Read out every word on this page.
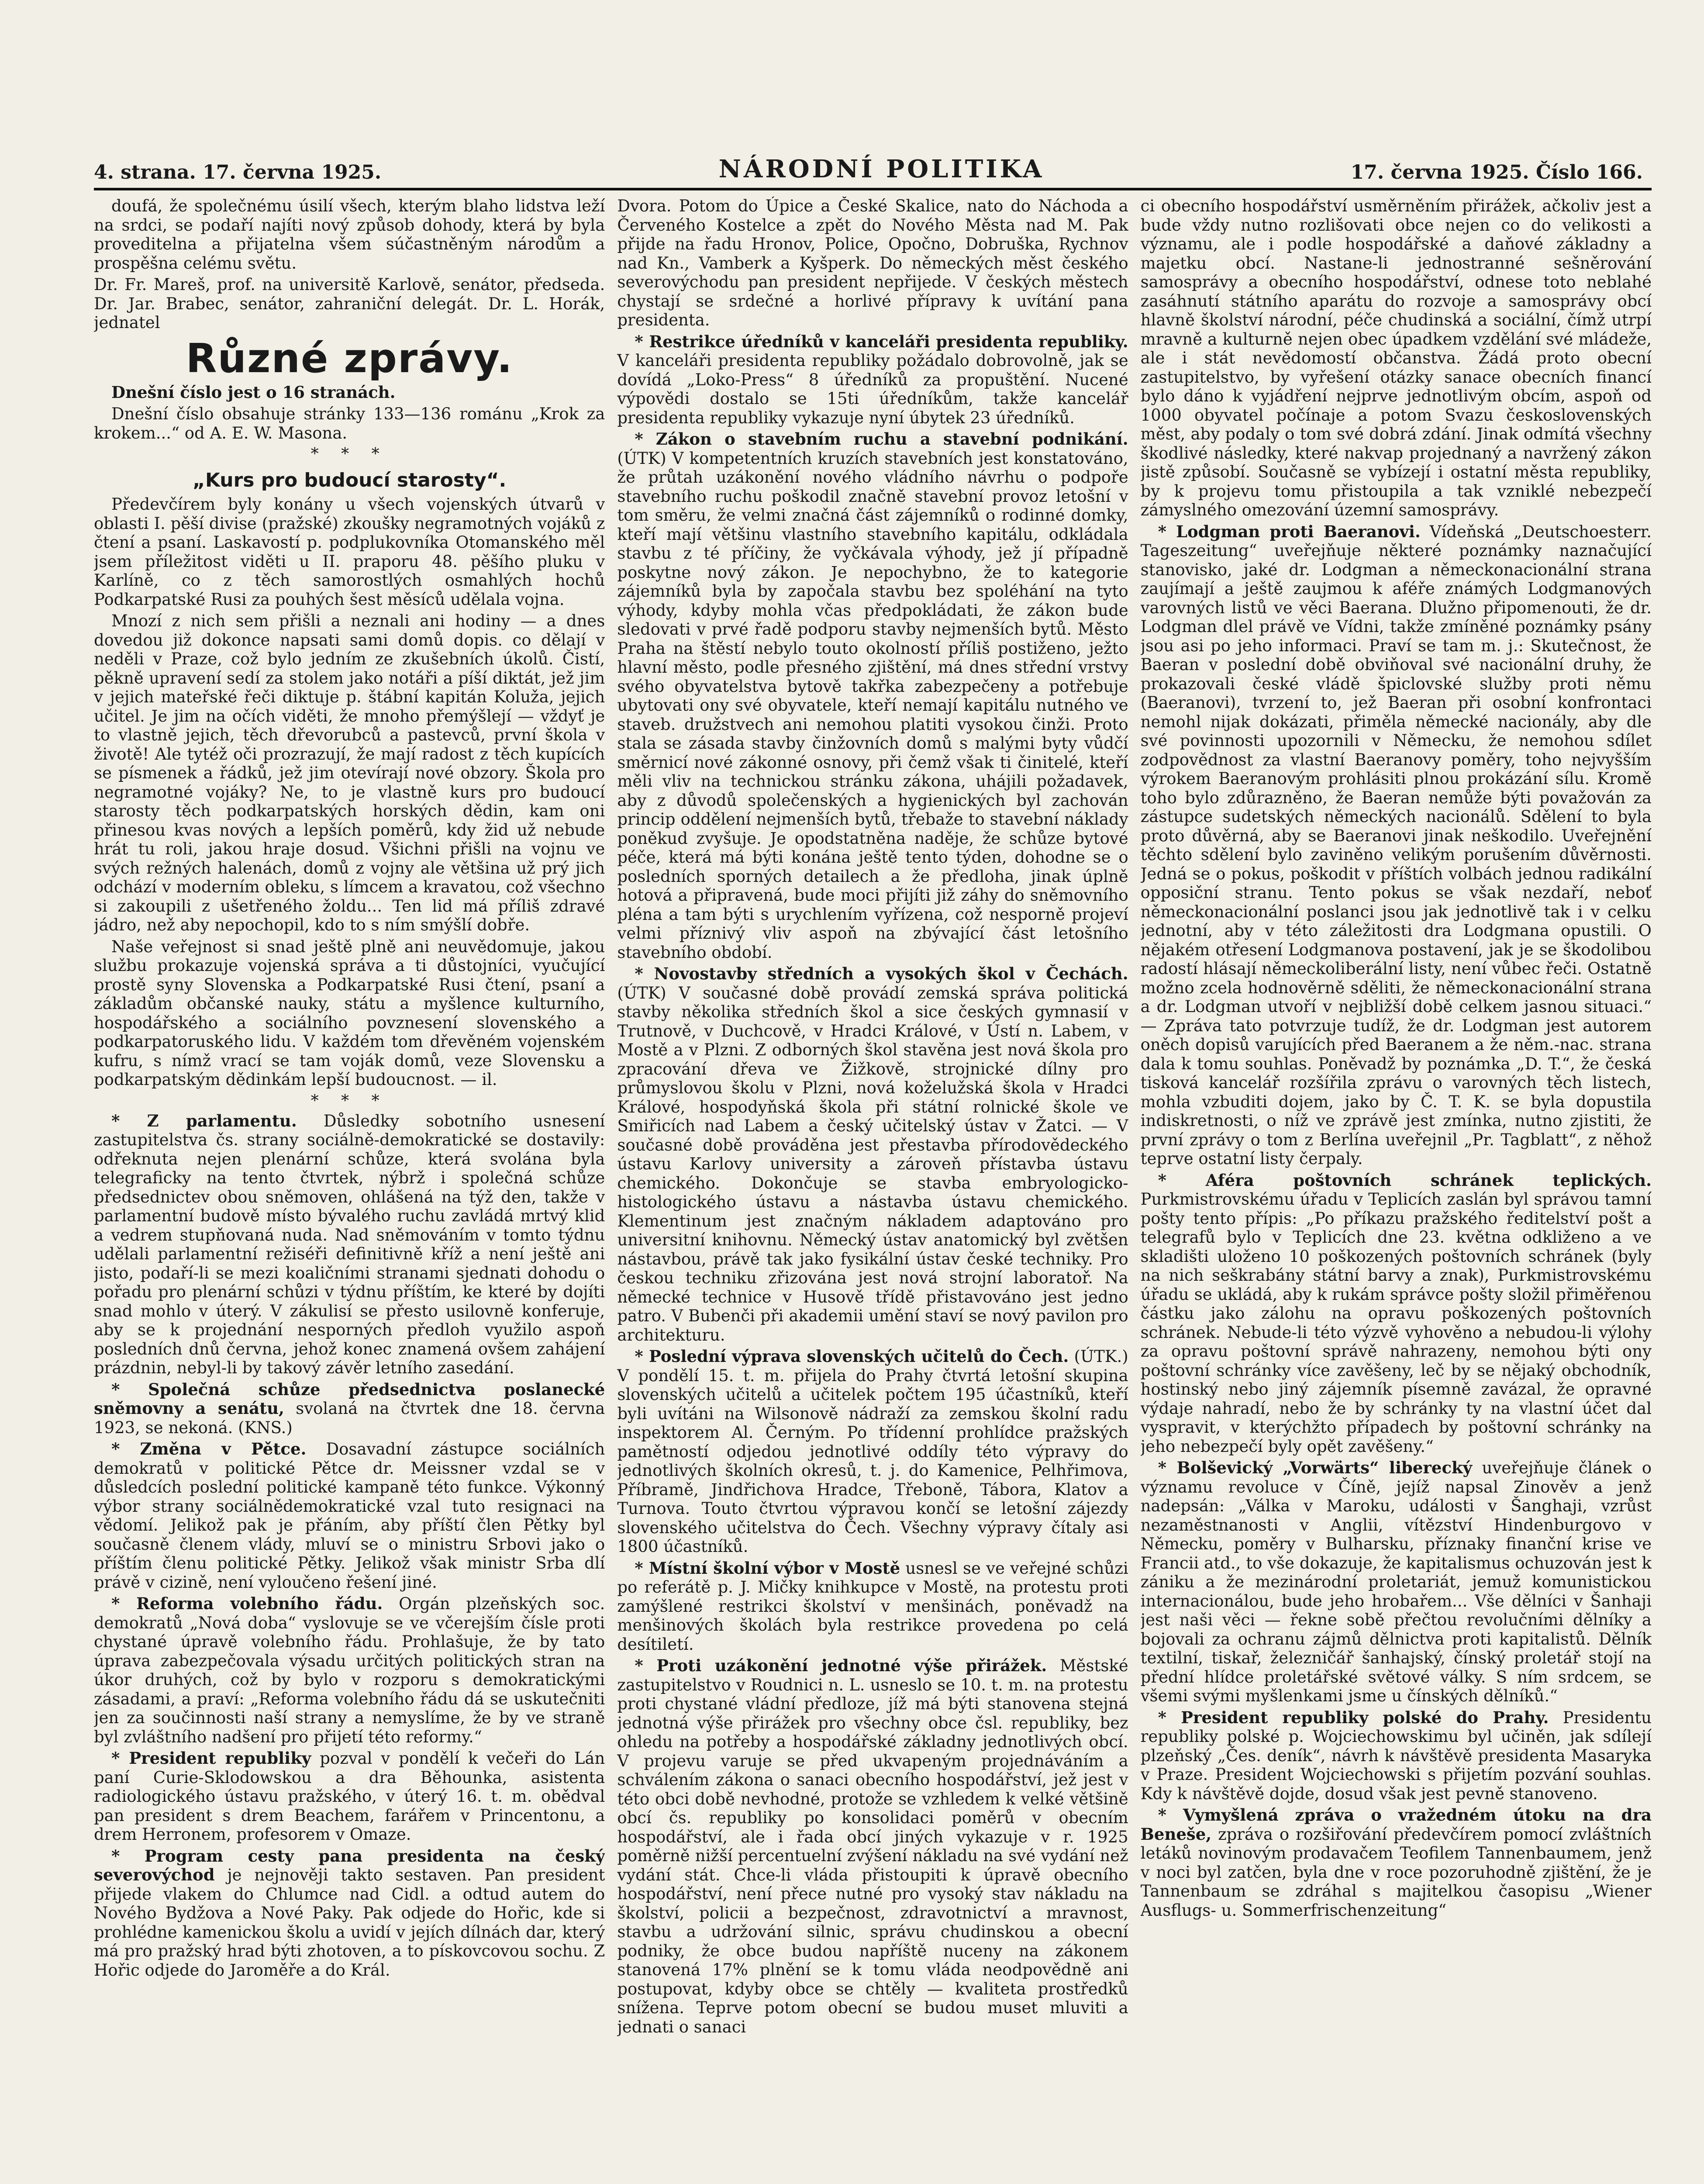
4. strana. 17. června 1925.	NÁRODNÍ POLITIKA	17. června 1925. Číslo 166.

doufá, že společnému úsilí všech, kterým blaho lidstva leží na srdci, se podaří najíti nový způsob dohody, která by byla proveditelna a přijatelna všem súčastněným národům a prospěšna celému světu.

Dr. Fr. Mareš, prof. na universitě Karlově, senátor, předseda. Dr. Jar. Brabec, senátor, zahraniční delegát. Dr. L. Horák, jednatel

Různé zprávy.

Dnešní číslo jest o 16 stranách.

Dnešní číslo obsahuje stránky 133—136 románu „Krok za krokem...“ od A. E. W. Masona.

* * *
„Kurs pro budoucí starosty“.

Předevčírem byly konány u všech vojenských útvarů v oblasti I. pěší divise (pražské) zkoušky negramotných vojáků z čtení a psaní. Laskavostí p. podplukovníka Otomanského měl jsem příležitost viděti u II. praporu 48. pěšího pluku v Karlíně, co z těch samorostlých osmahlých hochů Podkarpatské Rusi za pouhých šest měsíců udělala vojna.

Mnozí z nich sem přišli a neznali ani hodiny — a dnes dovedou již dokonce napsati sami domů dopis. co dělají v neděli v Praze, což bylo jedním ze zkušebních úkolů. Čistí, pěkně upravení sedí za stolem jako notáři a píší diktát, jež jim v jejich mateřské řeči diktuje p. štábní kapitán Koluža, jejich učitel. Je jim na očích viděti, že mnoho přemýšlejí — vždyť je to vlastně jejich, těch dřevorubců a pastevců, první škola v životě! Ale tytéž oči prozrazují, že mají radost z těch kupících se písmenek a řádků, jež jim otevírají nové obzory. Škola pro negramotné vojáky? Ne, to je vlastně kurs pro budoucí starosty těch podkarpatských horských dědin, kam oni přinesou kvas nových a lepších poměrů, kdy žid už nebude hrát tu roli, jakou hraje dosud. Všichni přišli na vojnu ve svých režných halenách, domů z vojny ale většina už prý jich odchází v moderním obleku, s límcem a kravatou, což všechno si zakoupili z ušetřeného žoldu... Ten lid má příliš zdravé jádro, než aby nepochopil, kdo to s ním smýšlí dobře.

Naše veřejnost si snad ještě plně ani neuvědomuje, jakou službu prokazuje vojenská správa a ti důstojníci, vyučující prostě syny Slovenska a Podkarpatské Rusi čtení, psaní a základům občanské nauky, státu a myšlence kulturního, hospodářského a sociálního povznesení slovenského a podkarpatoruského lidu. V každém tom dřevěném vojenském kufru, s nímž vrací se tam voják domů, veze Slovensku a podkarpatským dědinkám lepší budoucnost. — il.

* * *

* Z parlamentu. Důsledky sobotního usnesení zastupitelstva čs. strany sociálně-demokratické se dostavily: odřeknuta nejen plenární schůze, která svolána byla telegraficky na tento čtvrtek, nýbrž i společná schůze předsednictev obou sněmoven, ohlášená na týž den, takže v parlamentní budově místo bývalého ruchu zavládá mrtvý klid a vedrem stupňovaná nuda. Nad sněmováním v tomto týdnu udělali parlamentní režiséři definitivně kříž a není ještě ani jisto, podaří-li se mezi koaličními stranami sjednati dohodu o pořadu pro plenární schůzi v týdnu příštím, ke které by dojíti snad mohlo v úterý. V zákulisí se přesto usilovně konferuje, aby se k projednání nesporných předloh využilo aspoň posledních dnů června, jehož konec znamená ovšem zahájení prázdnin, nebyl-li by takový závěr letního zasedání.

* Společná schůze předsednictva poslanecké sněmovny a senátu, svolaná na čtvrtek dne 18. června 1923, se nekoná. (KNS.)

* Změna v Pětce. Dosavadní zástupce sociálních demokratů v politické Pětce dr. Meissner vzdal se v důsledcích poslední politické kampaně této funkce. Výkonný výbor strany sociálnědemokratické vzal tuto resignaci na vědomí. Jelikož pak je přáním, aby příští člen Pětky byl současně členem vlády, mluví se o ministru Srbovi jako o příštím členu politické Pětky. Jelikož však ministr Srba dlí právě v cizině, není vyloučeno řešení jiné.

* Reforma volebního řádu. Orgán plzeňských soc. demokratů „Nová doba“ vyslovuje se ve včerejším čísle proti chystané úpravě volebního řádu. Prohlašuje, že by tato úprava zabezpečovala výsadu určitých politických stran na úkor druhých, což by bylo v rozporu s demokratickými zásadami, a praví: „Reforma volebního řádu dá se uskutečniti jen za součinnosti naší strany a nemyslíme, že by ve straně byl zvláštního nadšení pro přijetí této reformy.“

* President republiky pozval v pondělí k večeři do Lán paní Curie-Sklodowskou a dra Běhounka, asistenta radiologického ústavu pražského, v úterý 16. t. m. obědval pan president s drem Beachem, farářem v Princentonu, a drem Herronem, profesorem v Omaze.

* Program cesty pana presidenta na český severovýchod je nejnověji takto sestaven. Pan president přijede vlakem do Chlumce nad Cidl. a odtud autem do Nového Bydžova a Nové Paky. Pak odjede do Hořic, kde si prohlédne kamenickou školu a uvidí v jejích dílnách dar, který má pro pražský hrad býti zhotoven, a to pískovcovou sochu. Z Hořic odjede do Jaroměře a do Král.

Dvora. Potom do Úpice a České Skalice, nato do Náchoda a Červeného Kostelce a zpět do Nového Města nad M. Pak přijde na řadu Hronov, Police, Opočno, Dobruška, Rychnov nad Kn., Vamberk a Kyšperk. Do německých měst českého severovýchodu pan president nepřijede. V českých městech chystají se srdečné a horlivé přípravy k uvítání pana presidenta.

* Restrikce úředníků v kanceláři presidenta republiky. V kanceláři presidenta republiky požádalo dobrovolně, jak se dovídá „Loko-Press“ 8 úředníků za propuštění. Nucené výpovědi dostalo se 15ti úředníkům, takže kancelář presidenta republiky vykazuje nyní úbytek 23 úředníků.

* Zákon o stavebním ruchu a stavební podnikání. (ÚTK) V kompetentních kruzích stavebních jest konstatováno, že průtah uzákonění nového vládního návrhu o podpoře stavebního ruchu poškodil značně stavební provoz letošní v tom směru, že velmi značná část zájemníků o rodinné domky, kteří mají většinu vlastního stavebního kapitálu, odkládala stavbu z té příčiny, že vyčkávala výhody, jež jí případně poskytne nový zákon. Je nepochybno, že to kategorie zájemníků byla by započala stavbu bez spoléhání na tyto výhody, kdyby mohla včas předpokládati, že zákon bude sledovati v prvé řadě podporu stavby nejmenších bytů. Město Praha na štěstí nebylo touto okolností příliš postiženo, ježto hlavní město, podle přesného zjištění, má dnes střední vrstvy svého obyvatelstva bytově takřka zabezpečeny a potřebuje ubytovati ony své obyvatele, kteří nemají kapitálu nutného ve staveb. družstvech ani nemohou platiti vysokou činži. Proto stala se zásada stavby činžovních domů s malými byty vůdčí směrnicí nové zákonné osnovy, při čemž však ti činitelé, kteří měli vliv na technickou stránku zákona, uhájili požadavek, aby z důvodů společenských a hygienických byl zachován princip oddělení nejmenších bytů, třebaže to stavební náklady poněkud zvyšuje. Je opodstatněna naděje, že schůze bytové péče, která má býti konána ještě tento týden, dohodne se o posledních sporných detailech a že předloha, jinak úplně hotová a připravená, bude moci přijíti již záhy do sněmovního pléna a tam býti s urychlením vyřízena, což nesporně projeví velmi příznivý vliv aspoň na zbývající část letošního stavebního období.

* Novostavby středních a vysokých škol v Čechách. (ÚTK) V současné době provádí zemská správa politická stavby několika středních škol a sice českých gymnasií v Trutnově, v Duchcově, v Hradci Králové, v Ústí n. Labem, v Mostě a v Plzni. Z odborných škol stavěna jest nová škola pro zpracování dřeva ve Žižkově, strojnické dílny pro průmyslovou školu v Plzni, nová koželužská škola v Hradci Králové, hospodyňská škola při státní rolnické škole ve Smiřicích nad Labem a český učitelský ústav v Žatci. — V současné době prováděna jest přestavba přírodovědeckého ústavu Karlovy university a zároveň přístavba ústavu chemického. Dokončuje se stavba embryologicko-histologického ústavu a nástavba ústavu chemického. Klementinum jest značným nákladem adaptováno pro universitní knihovnu. Německý ústav anatomický byl zvětšen nástavbou, právě tak jako fysikální ústav české techniky. Pro českou techniku zřizována jest nová strojní laboratoř. Na německé technice v Husově třídě přistavováno jest jedno patro. V Bubenči při akademii umění staví se nový pavilon pro architekturu.

* Poslední výprava slovenských učitelů do Čech. (ÚTK.) V pondělí 15. t. m. přijela do Prahy čtvrtá letošní skupina slovenských učitelů a učitelek počtem 195 účastníků, kteří byli uvítáni na Wilsonově nádraží za zemskou školní radu inspektorem Al. Černým. Po třídenní prohlídce pražských pamětností odjedou jednotlivé oddíly této výpravy do jednotlivých školních okresů, t. j. do Kamenice, Pelhřimova, Příbramě, Jindřichova Hradce, Třeboně, Tábora, Klatov a Turnova. Touto čtvrtou výpravou končí se letošní zájezdy slovenského učitelstva do Čech. Všechny výpravy čítaly asi 1800 účastníků.

* Místní školní výbor v Mostě usnesl se ve veřejné schůzi po referátě p. J. Mičky knihkupce v Mostě, na protestu proti zamýšlené restrikci školství v menšinách, poněvadž na menšinových školách byla restrikce provedena po celá desítiletí.

* Proti uzákonění jednotné výše přirážek. Městské zastupitelstvo v Roudnici n. L. usneslo se 10. t. m. na protestu proti chystané vládní předloze, jíž má býti stanovena stejná jednotná výše přirážek pro všechny obce čsl. republiky, bez ohledu na potřeby a hospodářské základny jednotlivých obcí. V projevu varuje se před ukvapeným projednáváním a schválením zákona o sanaci obecního hospodářství, jež jest v této obci době nevhodné, protože se vzhledem k velké většině obcí čs. republiky po konsolidaci poměrů v obecním hospodářství, ale i řada obcí jiných vykazuje v r. 1925 poměrně nižší percentuelní zvýšení nákladu na své vydání než vydání stát. Chce-li vláda přistoupiti k úpravě obecního hospodářství, není přece nutné pro vysoký stav nákladu na školství, policii a bezpečnost, zdravotnictví a mravnost, stavbu a udržování silnic, správu chudinskou a obecní podniky, že obce budou napříště nuceny na zákonem stanovená 17% plnění se k tomu vláda neodpovědně ani postupovat, kdyby obce se chtěly — kvaliteta prostředků snížena. Teprve potom obecní se budou muset mluviti a jednati o sanaci

ci obecního hospodářství usměrněním přirážek, ačkoliv jest a bude vždy nutno rozlišovati obce nejen co do velikosti a významu, ale i podle hospodářské a daňové základny a majetku obcí. Nastane-li jednostranné sešněrování samosprávy a obecního hospodářství, odnese toto neblahé zasáhnutí státního aparátu do rozvoje a samosprávy obcí hlavně školství národní, péče chudinská a sociální, čímž utrpí mravně a kulturně nejen obec úpadkem vzdělání své mládeže, ale i stát nevědomostí občanstva. Žádá proto obecní zastupitelstvo, by vyřešení otázky sanace obecních financí bylo dáno k vyjádření nejprve jednotlivým obcím, aspoň od 1000 obyvatel počínaje a potom Svazu československých měst, aby podaly o tom své dobrá zdání. Jinak odmítá všechny škodlivé následky, které nakvap projednaný a navržený zákon jistě způsobí. Současně se vybízejí i ostatní města republiky, by k projevu tomu přistoupila a tak vzniklé nebezpečí zámyslného omezování územní samosprávy.

* Lodgman proti Baeranovi. Vídeňská „Deutschoesterr. Tageszeitung“ uveřejňuje některé poznámky naznačující stanovisko, jaké dr. Lodgman a německonacionální strana zaujímají a ještě zaujmou k aféře známých Lodgmanových varovných listů ve věci Baerana. Dlužno připomenouti, že dr. Lodgman dlel právě ve Vídni, takže zmíněné poznámky psány jsou asi po jeho informaci. Praví se tam m. j.: Skutečnost, že Baeran v poslední době obviňoval své nacionální druhy, že prokazovali české vládě špiclovské služby proti němu (Baeranovi), tvrzení to, jež Baeran při osobní konfrontaci nemohl nijak dokázati, přiměla německé nacionály, aby dle své povinnosti upozornili v Německu, že nemohou sdílet zodpovědnost za vlastní Baeranovy poměry, toho nejvyšším výrokem Baeranovým prohlásiti plnou prokázání sílu. Kromě toho bylo zdůrazněno, že Baeran nemůže býti považován za zástupce sudetských německých nacionálů. Sdělení to byla proto důvěrná, aby se Baeranovi jinak neškodilo. Uveřejnění těchto sdělení bylo zaviněno velikým porušením důvěrnosti. Jedná se o pokus, poškodit v příštích volbách jednou radikální opposiční stranu. Tento pokus se však nezdaří, neboť německonacionální poslanci jsou jak jednotlivě tak i v celku jednotní, aby v této záležitosti dra Lodgmana opustili. O nějakém otřesení Lodgmanova postavení, jak je se škodolibou radostí hlásají německoliberální listy, není vůbec řeči. Ostatně možno zcela hodnověrně sděliti, že německonacionální strana a dr. Lodgman utvoří v nejbližší době celkem jasnou situaci.“ — Zpráva tato potvrzuje tudíž, že dr. Lodgman jest autorem oněch dopisů varujících před Baeranem a že něm.-nac. strana dala k tomu souhlas. Poněvadž by poznámka „D. T.“, že česká tisková kancelář rozšířila zprávu o varovných těch listech, mohla vzbuditi dojem, jako by Č. T. K. se byla dopustila indiskretnosti, o níž ve zprávě jest zmínka, nutno zjistiti, že první zprávy o tom z Berlína uveřejnil „Pr. Tagblatt“, z něhož teprve ostatní listy čerpaly.

* Aféra poštovních schránek teplických. Purkmistrovskému úřadu v Teplicích zaslán byl správou tamní pošty tento přípis: „Po příkazu pražského ředitelství pošt a telegrafů bylo v Teplicích dne 23. května odkliženo a ve skladišti uloženo 10 poškozených poštovních schránek (byly na nich seškrabány státní barvy a znak), Purkmistrovskému úřadu se ukládá, aby k rukám správce pošty složil přiměřenou částku jako zálohu na opravu poškozených poštovních schránek. Nebude-li této výzvě vyhověno a nebudou-li výlohy za opravu poštovní správě nahrazeny, nemohou býti ony poštovní schránky více zavěšeny, leč by se nějaký obchodník, hostinský nebo jiný zájemník písemně zavázal, že opravné výdaje nahradí, nebo že by schránky ty na vlastní účet dal vyspravit, v kterýchžto případech by poštovní schránky na jeho nebezpečí byly opět zavěšeny.“

* Bolševický „Vorwärts“ liberecký uveřejňuje článek o významu revoluce v Číně, jejíž napsal Zinověv a jenž nadepsán: „Válka v Maroku, události v Šanghaji, vzrůst nezaměstnanosti v Anglii, vítězství Hindenburgovo v Německu, poměry v Bulharsku, příznaky finanční krise ve Francii atd., to vše dokazuje, že kapitalismus ochuzován jest k zániku a že mezinárodní proletariát, jemuž komunistickou internacionálou, bude jeho hrobařem... Vše dělníci v Šanhaji jest naši věci — řekne sobě přečtou revolučními dělníky a bojovali za ochranu zájmů dělnictva proti kapitalistů. Dělník textilní, tiskař, železničář šanhajský, čínský proletář stojí na přední hlídce proletářské světové války. S ním srdcem, se všemi svými myšlenkami jsme u čínských dělníků.“

* President republiky polské do Prahy. Presidentu republiky polské p. Wojciechowskimu byl učiněn, jak sdílejí plzeňský „Čes. deník“, návrh k návštěvě presidenta Masaryka v Praze. President Wojciechowski s přijetím pozvání souhlas. Kdy k návštěvě dojde, dosud však jest pevně stanoveno.

* Vymyšlená zpráva o vražedném útoku na dra Beneše, zpráva o rozšiřování předevčírem pomocí zvláštních letáků novinovým prodavačem Teofilem Tannenbaumem, jenž v noci byl zatčen, byla dne v roce pozoruhodně zjištění, že je Tannenbaum se zdráhal s majitelkou časopisu „Wiener Ausflugs- u. Sommerfrischenzeitung“
